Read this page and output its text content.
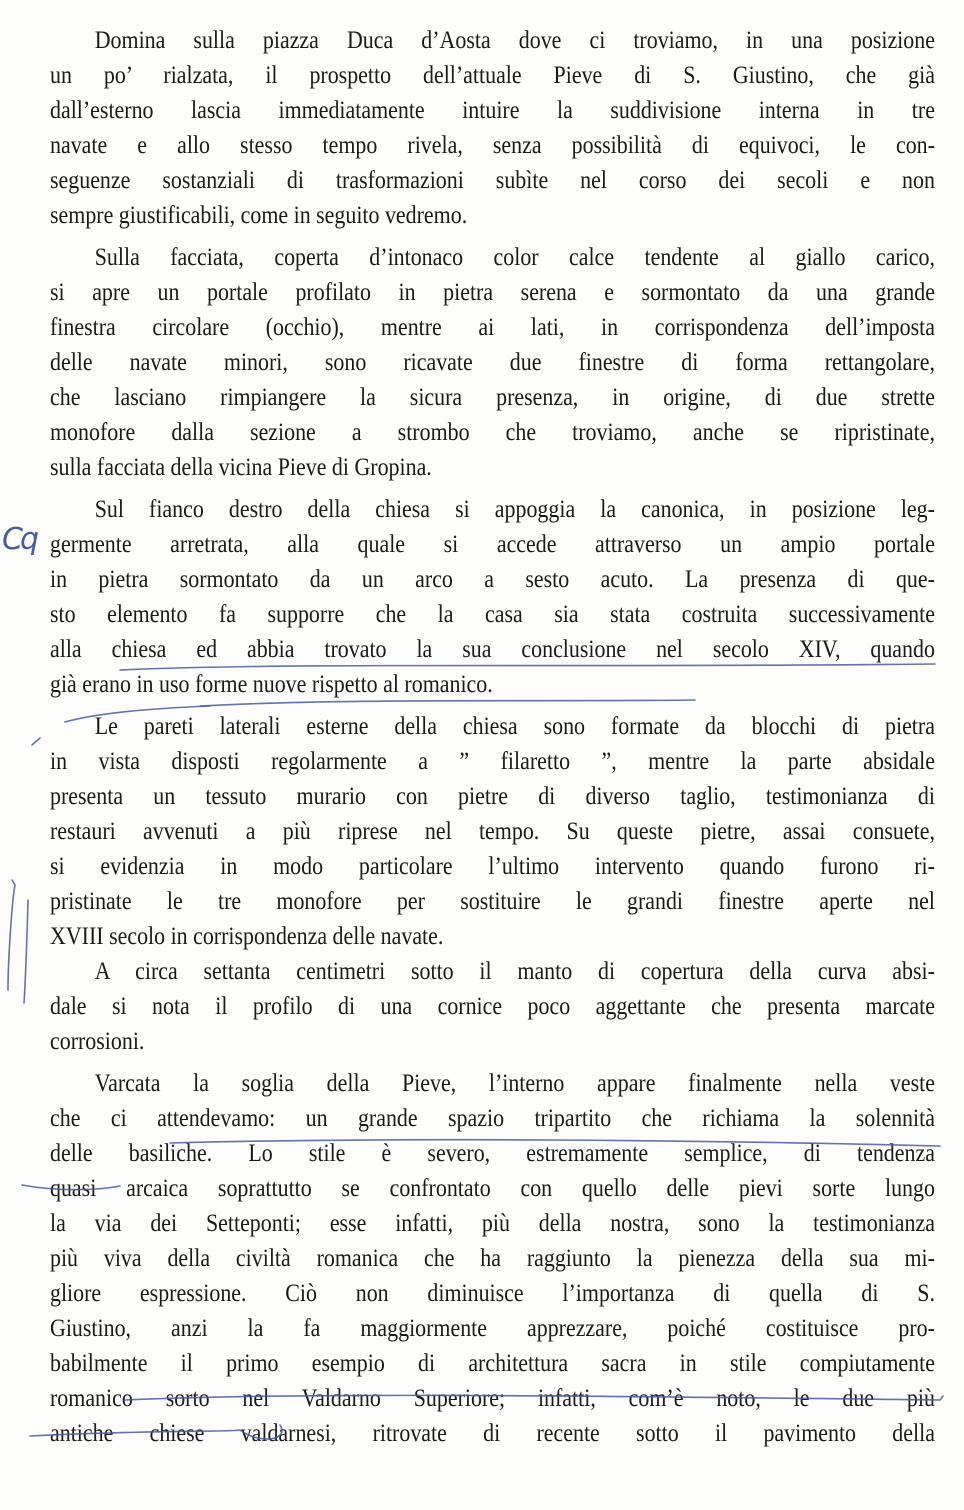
Domina sulla piazza Duca d’Aosta dove ci troviamo, in una posizione
un po’ rialzata, il prospetto dell’attuale Pieve di S. Giustino, che già
dall’esterno lascia immediatamente intuire la suddivisione interna in tre
navate e allo stesso tempo rivela, senza possibilità di equivoci, le con-
seguenze sostanziali di trasformazioni subìte nel corso dei secoli e non
sempre giustificabili, come in seguito vedremo.
Sulla facciata, coperta d’intonaco color calce tendente al giallo carico,
si apre un portale profilato in pietra serena e sormontato da una grande
finestra circolare (occhio), mentre ai lati, in corrispondenza dell’imposta
delle navate minori, sono ricavate due finestre di forma rettangolare,
che lasciano rimpiangere la sicura presenza, in origine, di due strette
monofore dalla sezione a strombo che troviamo, anche se ripristinate,
sulla facciata della vicina Pieve di Gropina.
Sul fianco destro della chiesa si appoggia la canonica, in posizione leg-
germente arretrata, alla quale si accede attraverso un ampio portale
in pietra sormontato da un arco a sesto acuto. La presenza di que-
sto elemento fa supporre che la casa sia stata costruita successivamente
alla chiesa ed abbia trovato la sua conclusione nel secolo XIV, quando
già erano in uso forme nuove rispetto al romanico.
Le pareti laterali esterne della chiesa sono formate da blocchi di pietra
in vista disposti regolarmente a ” filaretto ”, mentre la parte absidale
presenta un tessuto murario con pietre di diverso taglio, testimonianza di
restauri avvenuti a più riprese nel tempo. Su queste pietre, assai consuete,
si evidenzia in modo particolare l’ultimo intervento quando furono ri-
pristinate le tre monofore per sostituire le grandi finestre aperte nel
XVIII secolo in corrispondenza delle navate.
A circa settanta centimetri sotto il manto di copertura della curva absi-
dale si nota il profilo di una cornice poco aggettante che presenta marcate
corrosioni.
Varcata la soglia della Pieve, l’interno appare finalmente nella veste
che ci attendevamo: un grande spazio tripartito che richiama la solennità
delle basiliche. Lo stile è severo, estremamente semplice, di tendenza
quasi arcaica soprattutto se confrontato con quello delle pievi sorte lungo
la via dei Setteponti; esse infatti, più della nostra, sono la testimonianza
più viva della civiltà romanica che ha raggiunto la pienezza della sua mi-
gliore espressione. Ciò non diminuisce l’importanza di quella di S.
Giustino, anzi la fa maggiormente apprezzare, poiché costituisce pro-
babilmente il primo esempio di architettura sacra in stile compiutamente
romanico sorto nel Valdarno Superiore; infatti, com’è noto, le due più
antiche chiese valdarnesi, ritrovate di recente sotto il pavimento della
Cq
